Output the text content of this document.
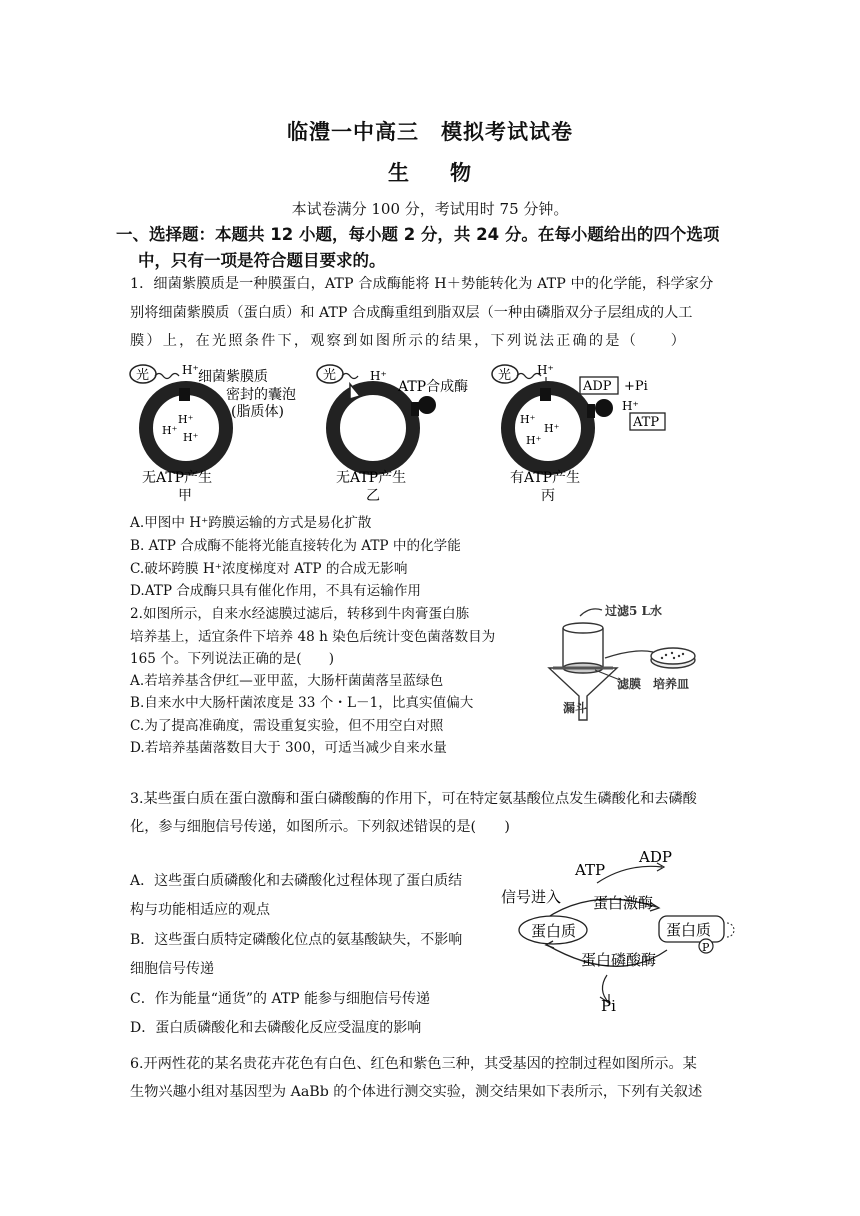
临澧一中高三　模拟考试试卷
生 物
本试卷满分 100 分，考试用时 75 分钟。
一、选择题：本题共 12 小题，每小题 2 分，共 24 分。在每小题给出的四个选项
中，只有一项是符合题目要求的。
1．细菌紫膜质是一种膜蛋白，ATP 合成酶能将 H＋势能转化为 ATP 中的化学能，科学家分
别将细菌紫膜质（蛋白质）和 ATP 合成酶重组到脂双层（一种由磷脂双分子层组成的人工
膜）上，在光照条件下，观察到如图所示的结果，下列说法正确的是（　　）
光	H⁺ 细菌紫膜质
密封的囊泡
(脂质体)
H⁺
H⁺
H⁺
无ATP产生
甲
光	H⁺
ATP合成酶
无ATP产生
乙
光 H⁺
ADP +Pi
H⁺
ATP
H⁺
H⁺
H⁺
有ATP产生
丙
A.甲图中 H⁺跨膜运输的方式是易化扩散
B. ATP 合成酶不能将光能直接转化为 ATP 中的化学能
C.破坏跨膜 H⁺浓度梯度对 ATP 的合成无影响
D.ATP 合成酶只具有催化作用，不具有运输作用
2.如图所示，自来水经滤膜过滤后，转移到牛肉膏蛋白胨
培养基上，适宜条件下培养 48 h 染色后统计变色菌落数目为
165 个。下列说法正确的是(　　)
A.若培养基含伊红—亚甲蓝，大肠杆菌菌落呈蓝绿色
B.自来水中大肠杆菌浓度是 33 个・L－1，比真实值偏大
C.为了提高准确度，需设重复实验，但不用空白对照
D.若培养基菌落数目大于 300，可适当减少自来水量
过滤5 L水
滤膜 培养皿
漏斗
3.某些蛋白质在蛋白激酶和蛋白磷酸酶的作用下，可在特定氨基酸位点发生磷酸化和去磷酸
化，参与细胞信号传递，如图所示。下列叙述错误的是(　　)
A．这些蛋白质磷酸化和去磷酸化过程体现了蛋白质结
构与功能相适应的观点
B．这些蛋白质特定磷酸化位点的氨基酸缺失，不影响
细胞信号传递
C．作为能量“通货”的 ATP 能参与细胞信号传递
D．蛋白质磷酸化和去磷酸化反应受温度的影响
ATP
ADP
信号进入 蛋白激酶
蛋白质	蛋白质
P
蛋白磷酸酶
Pi
6.开两性花的某名贵花卉花色有白色、红色和紫色三种，其受基因的控制过程如图所示。某
生物兴趣小组对基因型为 AaBb 的个体进行测交实验，测交结果如下表所示，下列有关叙述
